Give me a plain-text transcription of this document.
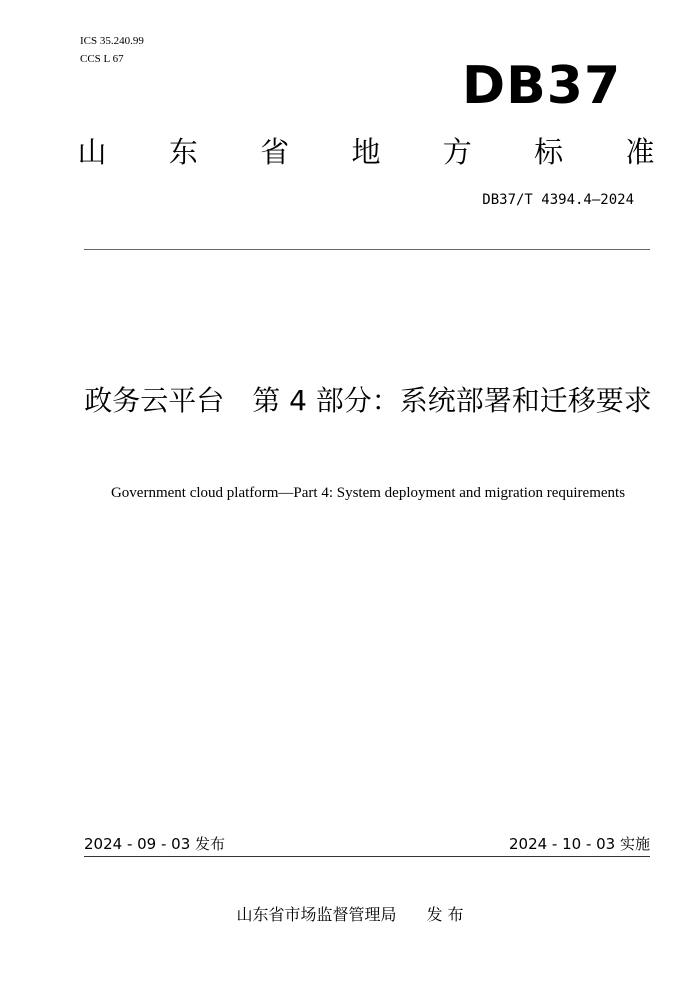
ICS 35.240.99
CCS L 67	DB37
山 东 省 地 方 标 准
DB37/T 4394.4—2024
政务云平台　第 4 部分：系统部署和迁移要求
Government cloud platform—Part 4: System deployment and migration requirements
2024 - 09 - 03 发布	2024 - 10 - 03 实施
山东省市场监督管理局 发 布
